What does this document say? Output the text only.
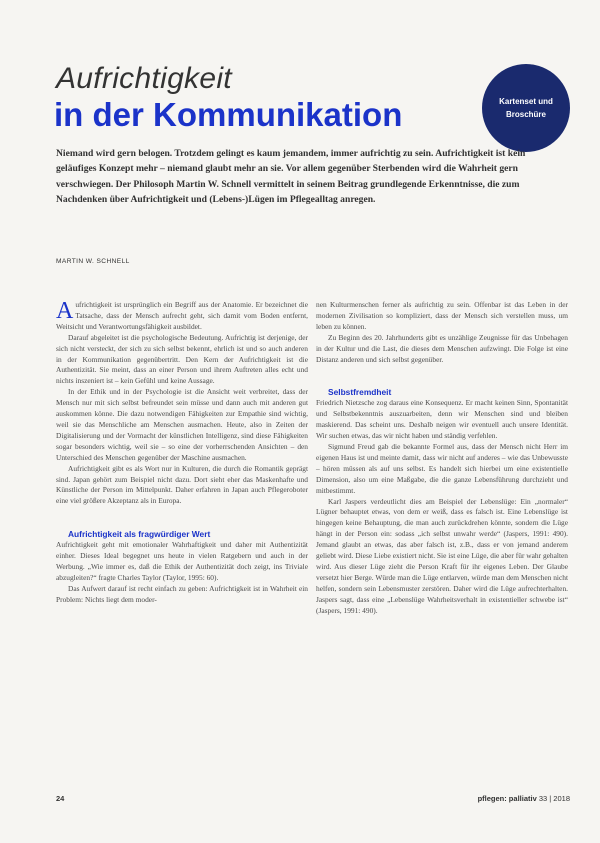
Kartenset und
Broschüre
Aufrichtigkeit
in der Kommunikation
Niemand wird gern belogen. Trotzdem gelingt es kaum jemandem, immer aufrichtig zu sein. Aufrichtigkeit ist kein geläufiges Konzept mehr – niemand glaubt mehr an sie. Vor allem gegenüber Sterbenden wird die Wahrheit gern verschwiegen. Der Philosoph Martin W. Schnell vermittelt in seinem Beitrag grundlegende Erkenntnisse, die zum Nachdenken über Aufrichtigkeit und (Lebens-)Lügen im Pflegealltag anregen.
MARTIN W. SCHNELL

Aufrichtigkeit ist ursprünglich ein Begriff aus der Anatomie. Er bezeichnet die Tatsache, dass der Mensch aufrecht geht, sich damit vom Boden entfernt, Weitsicht und Verantwortungsfähigkeit ausbildet.

Darauf abgeleitet ist die psychologische Bedeutung. Aufrichtig ist derjenige, der sich nicht versteckt, der sich zu sich selbst bekennt, ehrlich ist und so auch anderen in der Kommunikation gegenübertritt. Den Kern der Aufrichtigkeit ist die Authentizität. Sie meint, dass an einer Person und ihrem Auftreten alles echt und nichts inszeniert ist – kein Gefühl und keine Aussage.

In der Ethik und in der Psychologie ist die Ansicht weit verbreitet, dass der Mensch nur mit sich selbst befreundet sein müsse und dann auch mit anderen gut auskommen könne. Die dazu notwendigen Fähigkeiten zur Empathie sind wichtig, weil sie das Menschliche am Menschen ausmachen. Heute, also in Zeiten der Digitalisierung und der Vormacht der künstlichen Intelligenz, sind diese Fähigkeiten sogar besonders wichtig, weil sie – so eine der vorherrschenden Ansichten – den Unterschied des Menschen gegenüber der Maschine ausmachen.

Aufrichtigkeit gibt es als Wort nur in Kulturen, die durch die Romantik geprägt sind. Japan gehört zum Beispiel nicht dazu. Dort sieht eher das Maskenhafte und Künstliche der Person im Mittelpunkt. Daher erfahren in Japan auch Pflegeroboter eine viel größere Akzeptanz als in Europa.

Aufrichtigkeit als fragwürdiger Wert

Aufrichtigkeit geht mit emotionaler Wahrhaftigkeit und daher mit Authentizität einher. Dieses Ideal begegnet uns heute in vielen Ratgebern und auch in der Werbung. „Wie immer es, daß die Ethik der Authentizität doch zeigt, ins Triviale abzugleiten?“ fragte Charles Taylor (Taylor, 1995: 60).

Das Aufwert darauf ist recht einfach zu geben: Aufrichtigkeit ist in Wahrheit ein Problem: Nichts liegt dem moder-

nen Kulturmenschen ferner als aufrichtig zu sein. Offenbar ist das Leben in der modernen Zivilisation so kompliziert, dass der Mensch sich verstellen muss, um leben zu können.

Zu Beginn des 20. Jahrhunderts gibt es unzählige Zeugnisse für das Unbehagen in der Kultur und die Last, die dieses dem Menschen aufzwingt. Die Folge ist eine Distanz anderen und sich selbst gegenüber.

Selbstfremdheit

Friedrich Nietzsche zog daraus eine Konsequenz. Er macht keinen Sinn, Spontanität und Selbstbekenntnis auszuarbeiten, denn wir Menschen sind und bleiben maskierend. Das scheint uns. Deshalb neigen wir eventuell auch unsere Identität. Wir suchen etwas, das wir nicht haben und ständig verfehlen.

Sigmund Freud gab die bekannte Formel aus, dass der Mensch nicht Herr im eigenen Haus ist und meinte damit, dass wir nicht auf anderes – wie das Unbewusste – hören müssen als auf uns selbst. Es handelt sich hierbei um eine existentielle Dimension, also um eine Maßgabe, die die ganze Lebensführung durchzieht und mitbestimmt.

Karl Jaspers verdeutlicht dies am Beispiel der Lebenslüge: Ein „normaler“ Lügner behauptet etwas, von dem er weiß, dass es falsch ist. Eine Lebenslüge ist hingegen keine Behauptung, die man auch zurückdrehen könnte, sondern die Lüge hängt in der Person ein: sodass „ich selbst unwahr werde“ (Jaspers, 1991: 490). Jemand glaubt an etwas, das aber falsch ist, z.B., dass er von jemand anderem geliebt wird. Diese Liebe existiert nicht. Sie ist eine Lüge, die aber für wahr gehalten wird. Aus dieser Lüge zieht die Person Kraft für ihr eigenes Leben. Der Glaube versetzt hier Berge. Würde man die Lüge entlarven, würde man dem Menschen nicht helfen, sondern sein Lebensmuster zerstören. Daher wird die Lüge aufrechterhalten. Jaspers sagt, dass eine „Lebenslüge Wahrheitsverhalt in existentieller schwebe ist“ (Jaspers, 1991: 490).

24	pflegen: palliativ 33 | 2018
